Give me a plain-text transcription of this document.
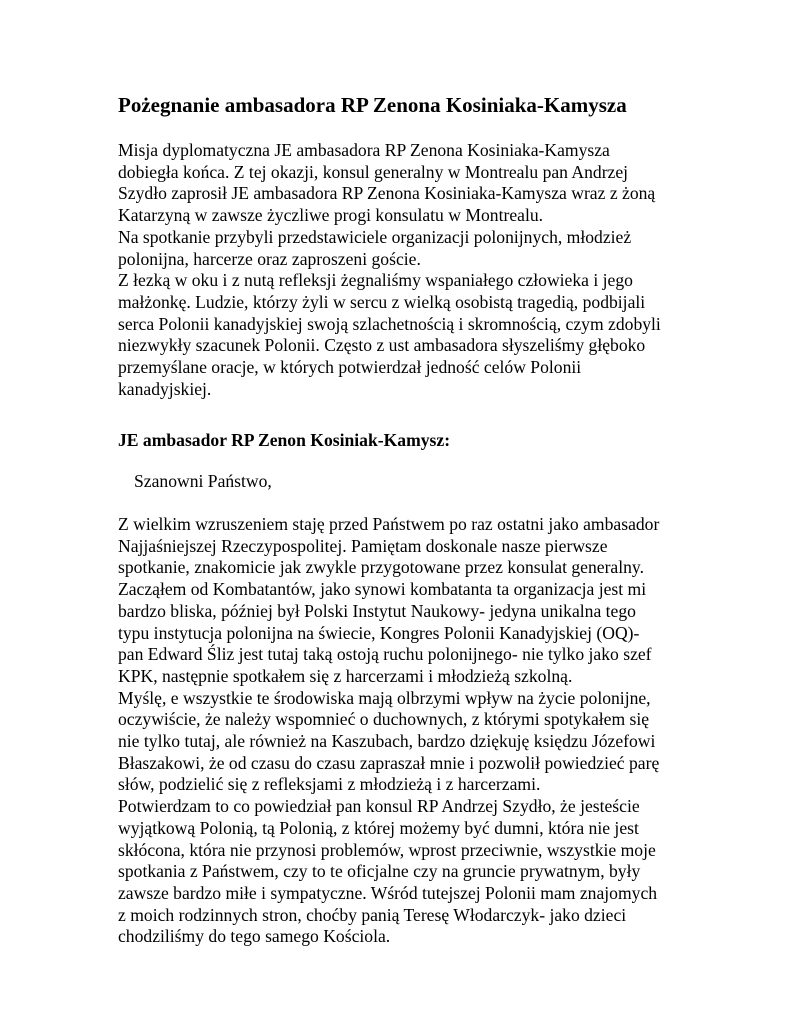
Pożegnanie ambasadora RP Zenona Kosiniaka-Kamysza
Misja dyplomatyczna JE ambasadora RP Zenona Kosiniaka-Kamysza
dobiegła końca. Z tej okazji, konsul generalny w Montrealu pan Andrzej
Szydło zaprosił JE ambasadora RP Zenona Kosiniaka-Kamysza wraz z żoną
Katarzyną w zawsze życzliwe progi konsulatu w Montrealu.
Na spotkanie przybyli przedstawiciele organizacji polonijnych, młodzież
polonijna, harcerze oraz zaproszeni goście.
Z łezką w oku i z nutą refleksji żegnaliśmy wspaniałego człowieka i jego
małżonkę. Ludzie, którzy żyli w sercu z wielką osobistą tragedią, podbijali
serca Polonii kanadyjskiej swoją szlachetnością i skromnością, czym zdobyli
niezwykły szacunek Polonii. Często z ust ambasadora słyszeliśmy głęboko
przemyślane oracje, w których potwierdzał jedność celów Polonii
kanadyjskiej.
JE ambasador RP Zenon Kosiniak-Kamysz:

Szanowni Państwo,

Z wielkim wzruszeniem staję przed Państwem po raz ostatni jako ambasador
Najjaśniejszej Rzeczypospolitej. Pamiętam doskonale nasze pierwsze
spotkanie, znakomicie jak zwykle przygotowane przez konsulat generalny.
Zacząłem od Kombatantów, jako synowi kombatanta ta organizacja jest mi
bardzo bliska, później był Polski Instytut Naukowy- jedyna unikalna tego
typu instytucja polonijna na świecie, Kongres Polonii Kanadyjskiej (OQ)-
pan Edward Śliz jest tutaj taką ostoją ruchu polonijnego- nie tylko jako szef
KPK, następnie spotkałem się z harcerzami i młodzieżą szkolną.
Myślę, e wszystkie te środowiska mają olbrzymi wpływ na życie polonijne,
oczywiście, że należy wspomnieć o duchownych, z którymi spotykałem się
nie tylko tutaj, ale również na Kaszubach, bardzo dziękuję księdzu Józefowi
Błaszakowi, że od czasu do czasu zapraszał mnie i pozwolił powiedzieć parę
słów, podzielić się z refleksjami z młodzieżą i z harcerzami.
Potwierdzam to co powiedział pan konsul RP Andrzej Szydło, że jesteście
wyjątkową Polonią, tą Polonią, z której możemy być dumni, która nie jest
skłócona, która nie przynosi problemów, wprost przeciwnie, wszystkie moje
spotkania z Państwem, czy to te oficjalne czy na gruncie prywatnym, były
zawsze bardzo miłe i sympatyczne. Wśród tutejszej Polonii mam znajomych
z moich rodzinnych stron, choćby panią Teresę Włodarczyk- jako dzieci
chodziliśmy do tego samego Kościola.
